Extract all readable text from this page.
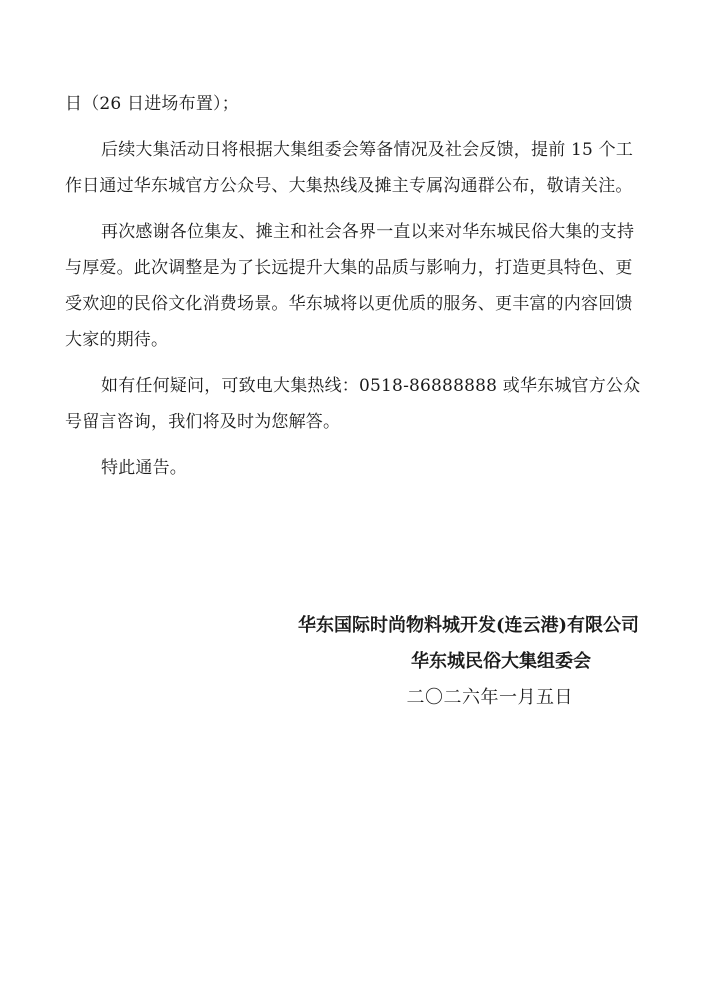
日（26 日进场布置）；

后续大集活动日将根据大集组委会筹备情况及社会反馈，提前 15 个工作日通过华东城官方公众号、大集热线及摊主专属沟通群公布，敬请关注。

再次感谢各位集友、摊主和社会各界一直以来对华东城民俗大集的支持与厚爱。此次调整是为了长远提升大集的品质与影响力，打造更具特色、更受欢迎的民俗文化消费场景。华东城将以更优质的服务、更丰富的内容回馈大家的期待。

如有任何疑问，可致电大集热线：0518-86888888 或华东城官方公众号留言咨询，我们将及时为您解答。

特此通告。

华东国际时尚物料城开发(连云港)有限公司
华东城民俗大集组委会
二〇二六年一月五日
